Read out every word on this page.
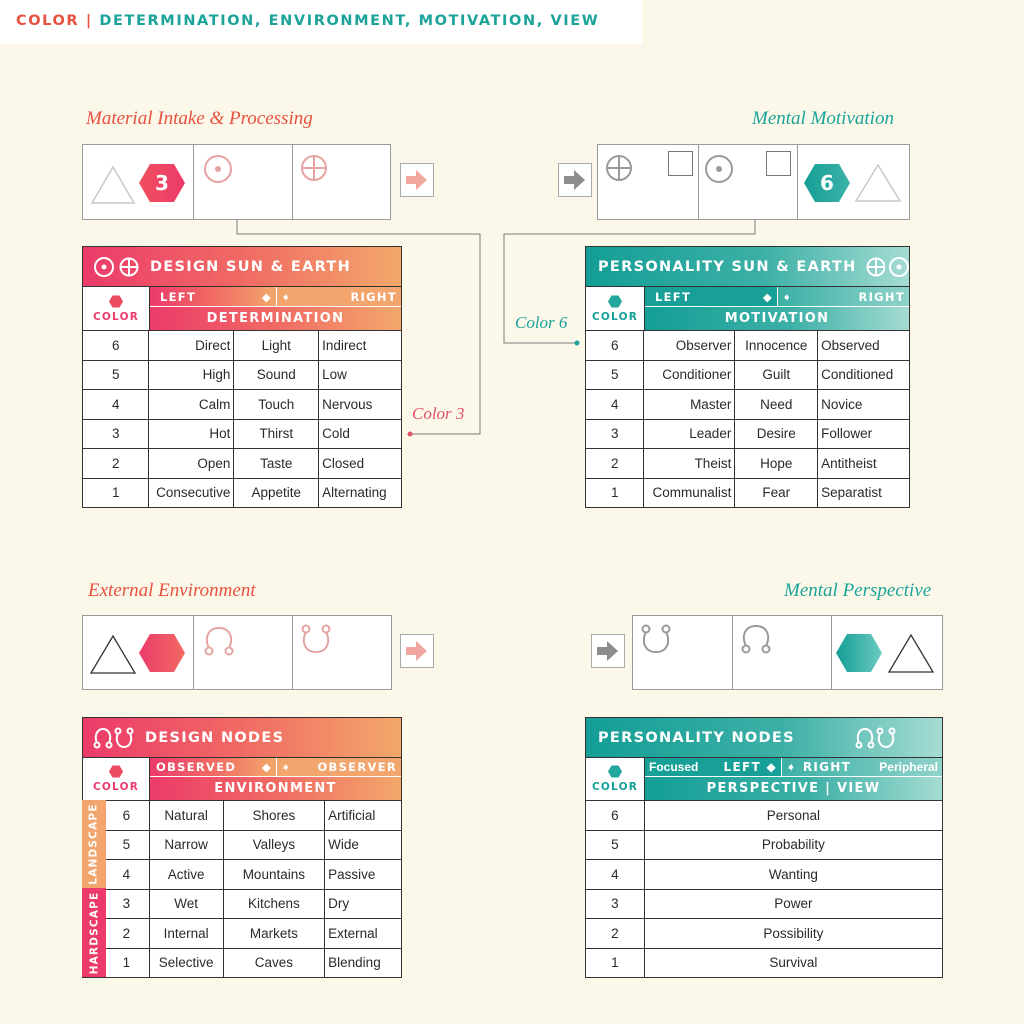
COLOR | DETERMINATION, ENVIRONMENT, MOTIVATION, VIEW
Material Intake & Processing	Mental Motivation
External Environment	Mental Perspective
3	6
Color 3
Color 6
DESIGN SUN & EARTH
COLOR
LEFT	◆ ➧	RIGHT
DETERMINATION
6	Direct	Light	Indirect
5	High	Sound	Low
4	Calm	Touch	Nervous
3	Hot	Thirst	Cold
2	Open	Taste	Closed
1	Consecutive	Appetite	Alternating
PERSONALITY SUN & EARTH
COLOR
LEFT	◆ ➧	RIGHT
MOTIVATION
6	Observer	Innocence	Observed
5	Conditioner	Guilt	Conditioned
4	Master	Need	Novice
3	Leader	Desire	Follower
2	Theist	Hope	Antitheist
1	Communalist	Fear	Separatist
DESIGN NODES
COLOR
OBSERVED ◆ ➧ OBSERVER
ENVIRONMENT
6	Natural	Shores	Artificial
5	Narrow	Valleys	Wide
4	Active	Mountains	Passive
3	Wet	Kitchens	Dry
2	Internal	Markets	External
1	Selective	Caves	Blending
LANDSCAPE
HARDSCAPE
PERSONALITY NODES
COLOR
Focused LEFT ◆ ➧ RIGHT Peripheral
PERSPECTIVE | VIEW
6	Personal
5	Probability
4	Wanting
3	Power
2	Possibility
1	Survival
